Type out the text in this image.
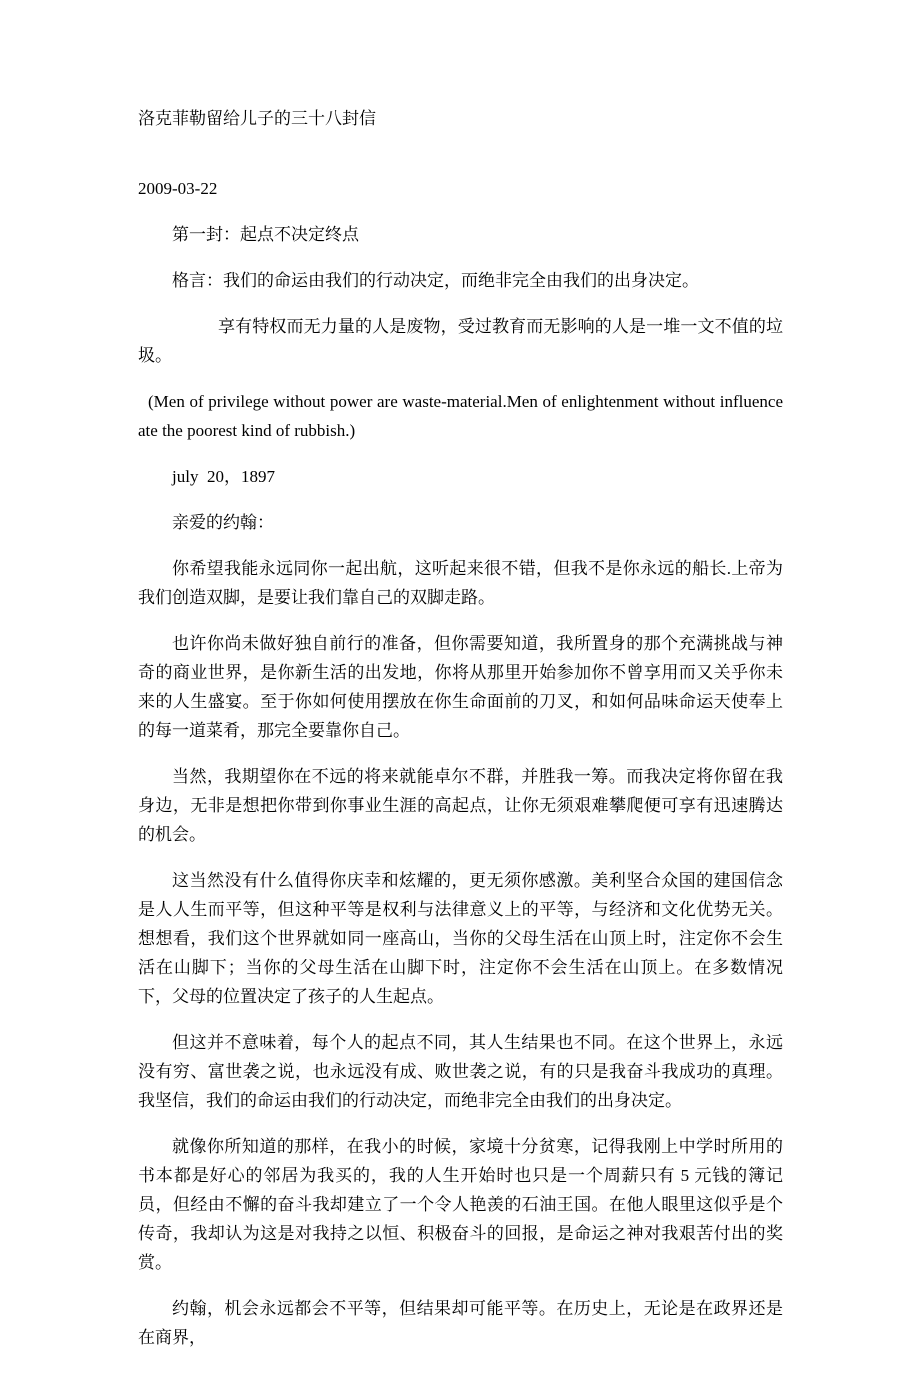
洛克菲勒留给儿子的三十八封信

2009-03-22

第一封：起点不决定终点

格言：我们的命运由我们的行动决定，而绝非完全由我们的出身决定。

享有特权而无力量的人是废物，受过教育而无影响的人是一堆一文不值的垃圾。

(Men of privilege without power are waste-material.Men of enlightenment without influence ate the poorest kind of rubbish.)

july  20，1897

亲爱的约翰：

你希望我能永远同你一起出航，这听起来很不错，但我不是你永远的船长.上帝为我们创造双脚，是要让我们靠自己的双脚走路。

也许你尚未做好独自前行的准备，但你需要知道，我所置身的那个充满挑战与神奇的商业世界，是你新生活的出发地，你将从那里开始参加你不曾享用而又关乎你未来的人生盛宴。至于你如何使用摆放在你生命面前的刀叉，和如何品味命运天使奉上的每一道菜肴，那完全要靠你自己。

当然，我期望你在不远的将来就能卓尔不群，并胜我一筹。而我决定将你留在我身边，无非是想把你带到你事业生涯的高起点，让你无须艰难攀爬便可享有迅速腾达的机会。

这当然没有什么值得你庆幸和炫耀的，更无须你感激。美利坚合众国的建国信念是人人生而平等，但这种平等是权利与法律意义上的平等，与经济和文化优势无关。想想看，我们这个世界就如同一座高山，当你的父母生活在山顶上时，注定你不会生活在山脚下；当你的父母生活在山脚下时，注定你不会生活在山顶上。在多数情况下，父母的位置决定了孩子的人生起点。

但这并不意味着，每个人的起点不同，其人生结果也不同。在这个世界上，永远没有穷、富世袭之说，也永远没有成、败世袭之说，有的只是我奋斗我成功的真理。我坚信，我们的命运由我们的行动决定，而绝非完全由我们的出身决定。

就像你所知道的那样，在我小的时候，家境十分贫寒，记得我刚上中学时所用的书本都是好心的邻居为我买的，我的人生开始时也只是一个周薪只有 5 元钱的簿记员，但经由不懈的奋斗我却建立了一个令人艳羡的石油王国。在他人眼里这似乎是个传奇，我却认为这是对我持之以恒、积极奋斗的回报，是命运之神对我艰苦付出的奖赏。

约翰，机会永远都会不平等，但结果却可能平等。在历史上，无论是在政界还是在商界，
